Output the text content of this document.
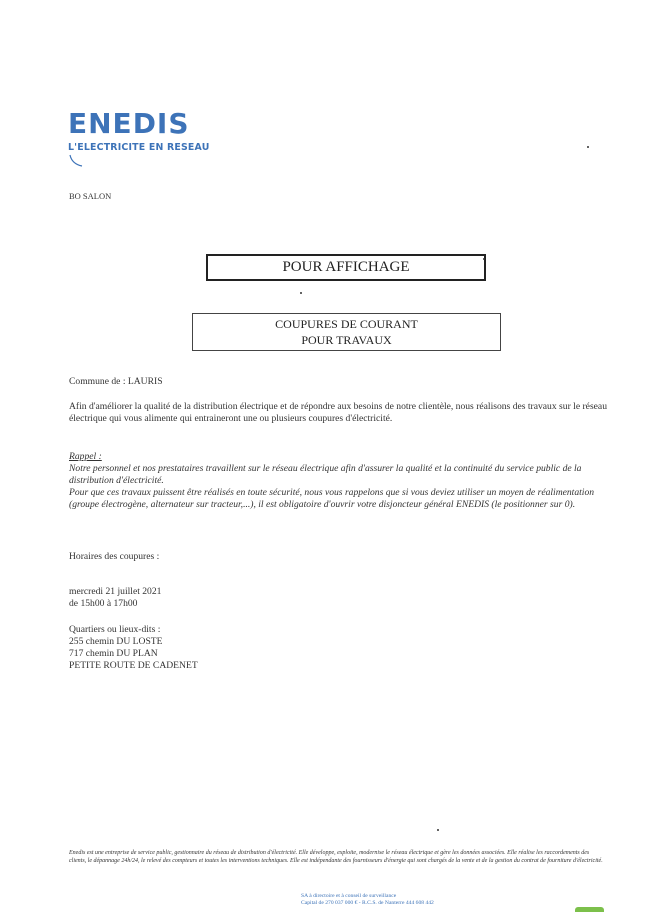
ENEDIS
L'ELECTRICITE EN RESEAU
BO SALON
POUR AFFICHAGE
COUPURES DE COURANT
POUR TRAVAUX
Commune de : LAURIS
Afin d'améliorer la qualité de la distribution électrique et de répondre aux besoins de notre clientèle, nous réalisons des travaux sur le réseau électrique qui vous alimente qui entraineront une ou plusieurs coupures d'électricité.
Rappel :

Notre personnel et nos prestataires travaillent sur le réseau électrique afin d'assurer la qualité et la continuité du service public de la distribution d'électricité.

Pour que ces travaux puissent être réalisés en toute sécurité, nous vous rappelons que si vous deviez utiliser un moyen de réalimentation (groupe électrogène, alternateur sur tracteur,...), il est obligatoire d'ouvrir votre disjoncteur général ENEDIS (le positionner sur 0).

Horaires des coupures :
mercredi 21 juillet 2021
de 15h00 à 17h00
Quartiers ou lieux-dits :
255 chemin DU LOSTE
717 chemin DU PLAN
PETITE ROUTE DE CADENET
Enedis est une entreprise de service public, gestionnaire du réseau de distribution d'électricité. Elle développe, exploite, modernise le réseau électrique et gère les données associées. Elle réalise les raccordements des clients, le dépannage 24h/24, le relevé des compteurs et toutes les interventions techniques. Elle est indépendante des fournisseurs d'énergie qui sont chargés de la vente et de la gestion du contrat de fourniture d'électricité.
SA à directoire et à conseil de surveillance
Capital de 270 037 000 € - R.C.S. de Nanterre 444 608 442
